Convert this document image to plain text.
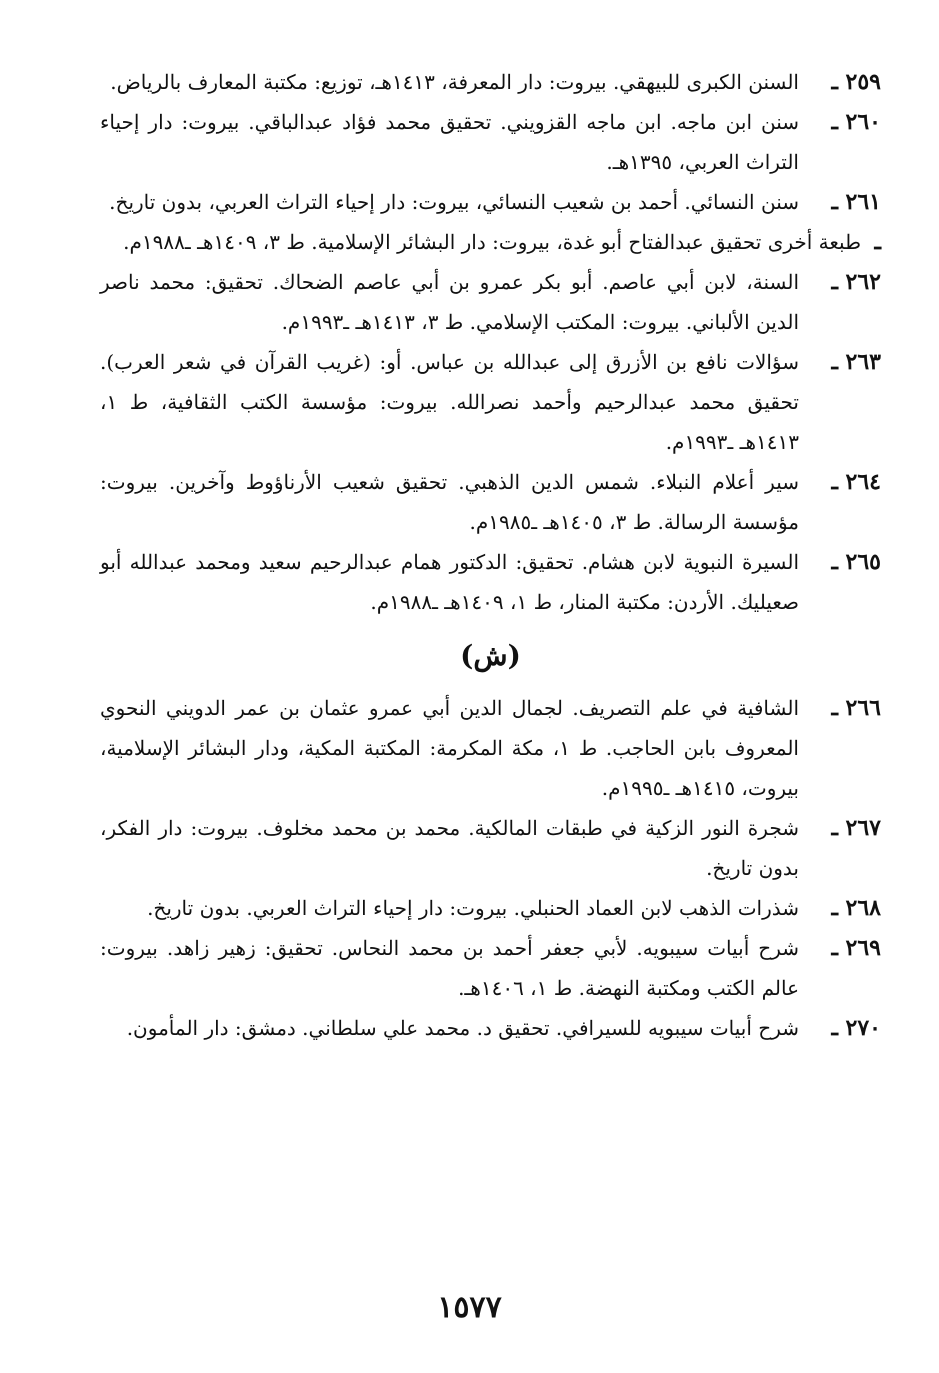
٢٥٩ ـ
السنن الكبرى للبيهقي. بيروت: دار المعرفة، ١٤١٣هـ، توزيع: مكتبة المعارف بالرياض.
٢٦٠ ـ
سنن ابن ماجه. ابن ماجه القزويني. تحقيق محمد فؤاد عبدالباقي. بيروت: دار إحياء التراث العربي، ١٣٩٥هـ.
٢٦١ ـ
سنن النسائي. أحمد بن شعيب النسائي، بيروت: دار إحياء التراث العربي، بدون تاريخ.
ـ
طبعة أخرى تحقيق عبدالفتاح أبو غدة، بيروت: دار البشائر الإسلامية. ط ٣، ١٤٠٩هـ ـ١٩٨٨م.
٢٦٢ ـ
السنة، لابن أبي عاصم. أبو بكر عمرو بن أبي عاصم الضحاك. تحقيق: محمد ناصر الدين الألباني. بيروت: المكتب الإسلامي. ط ٣، ١٤١٣هـ ـ١٩٩٣م.
٢٦٣ ـ
سؤالات نافع بن الأزرق إلى عبدالله بن عباس. أو: (غريب القرآن في شعر العرب). تحقيق محمد عبدالرحيم وأحمد نصرالله. بيروت: مؤسسة الكتب الثقافية، ط ١، ١٤١٣هـ ـ١٩٩٣م.
٢٦٤ ـ
سير أعلام النبلاء. شمس الدين الذهبي. تحقيق شعيب الأرناؤوط وآخرين. بيروت: مؤسسة الرسالة. ط ٣، ١٤٠٥هـ ـ١٩٨٥م.
٢٦٥ ـ
السيرة النبوية لابن هشام. تحقيق: الدكتور همام عبدالرحيم سعيد ومحمد عبدالله أبو صعيليك. الأردن: مكتبة المنار، ط ١، ١٤٠٩هـ ـ١٩٨٨م.
(ش)
٢٦٦ ـ
الشافية في علم التصريف. لجمال الدين أبي عمرو عثمان بن عمر الدويني النحوي المعروف بابن الحاجب. ط ١، مكة المكرمة: المكتبة المكية، ودار البشائر الإسلامية، بيروت، ١٤١٥هـ ـ١٩٩٥م.
٢٦٧ ـ
شجرة النور الزكية في طبقات المالكية. محمد بن محمد مخلوف. بيروت: دار الفكر، بدون تاريخ.
٢٦٨ ـ
شذرات الذهب لابن العماد الحنبلي. بيروت: دار إحياء التراث العربي. بدون تاريخ.
٢٦٩ ـ
شرح أبيات سيبويه. لأبي جعفر أحمد بن محمد النحاس. تحقيق: زهير زاهد. بيروت: عالم الكتب ومكتبة النهضة. ط ١، ١٤٠٦هـ.
٢٧٠ ـ
شرح أبيات سيبويه للسيرافي. تحقيق د. محمد علي سلطاني. دمشق: دار المأمون.
١٥٧٧
